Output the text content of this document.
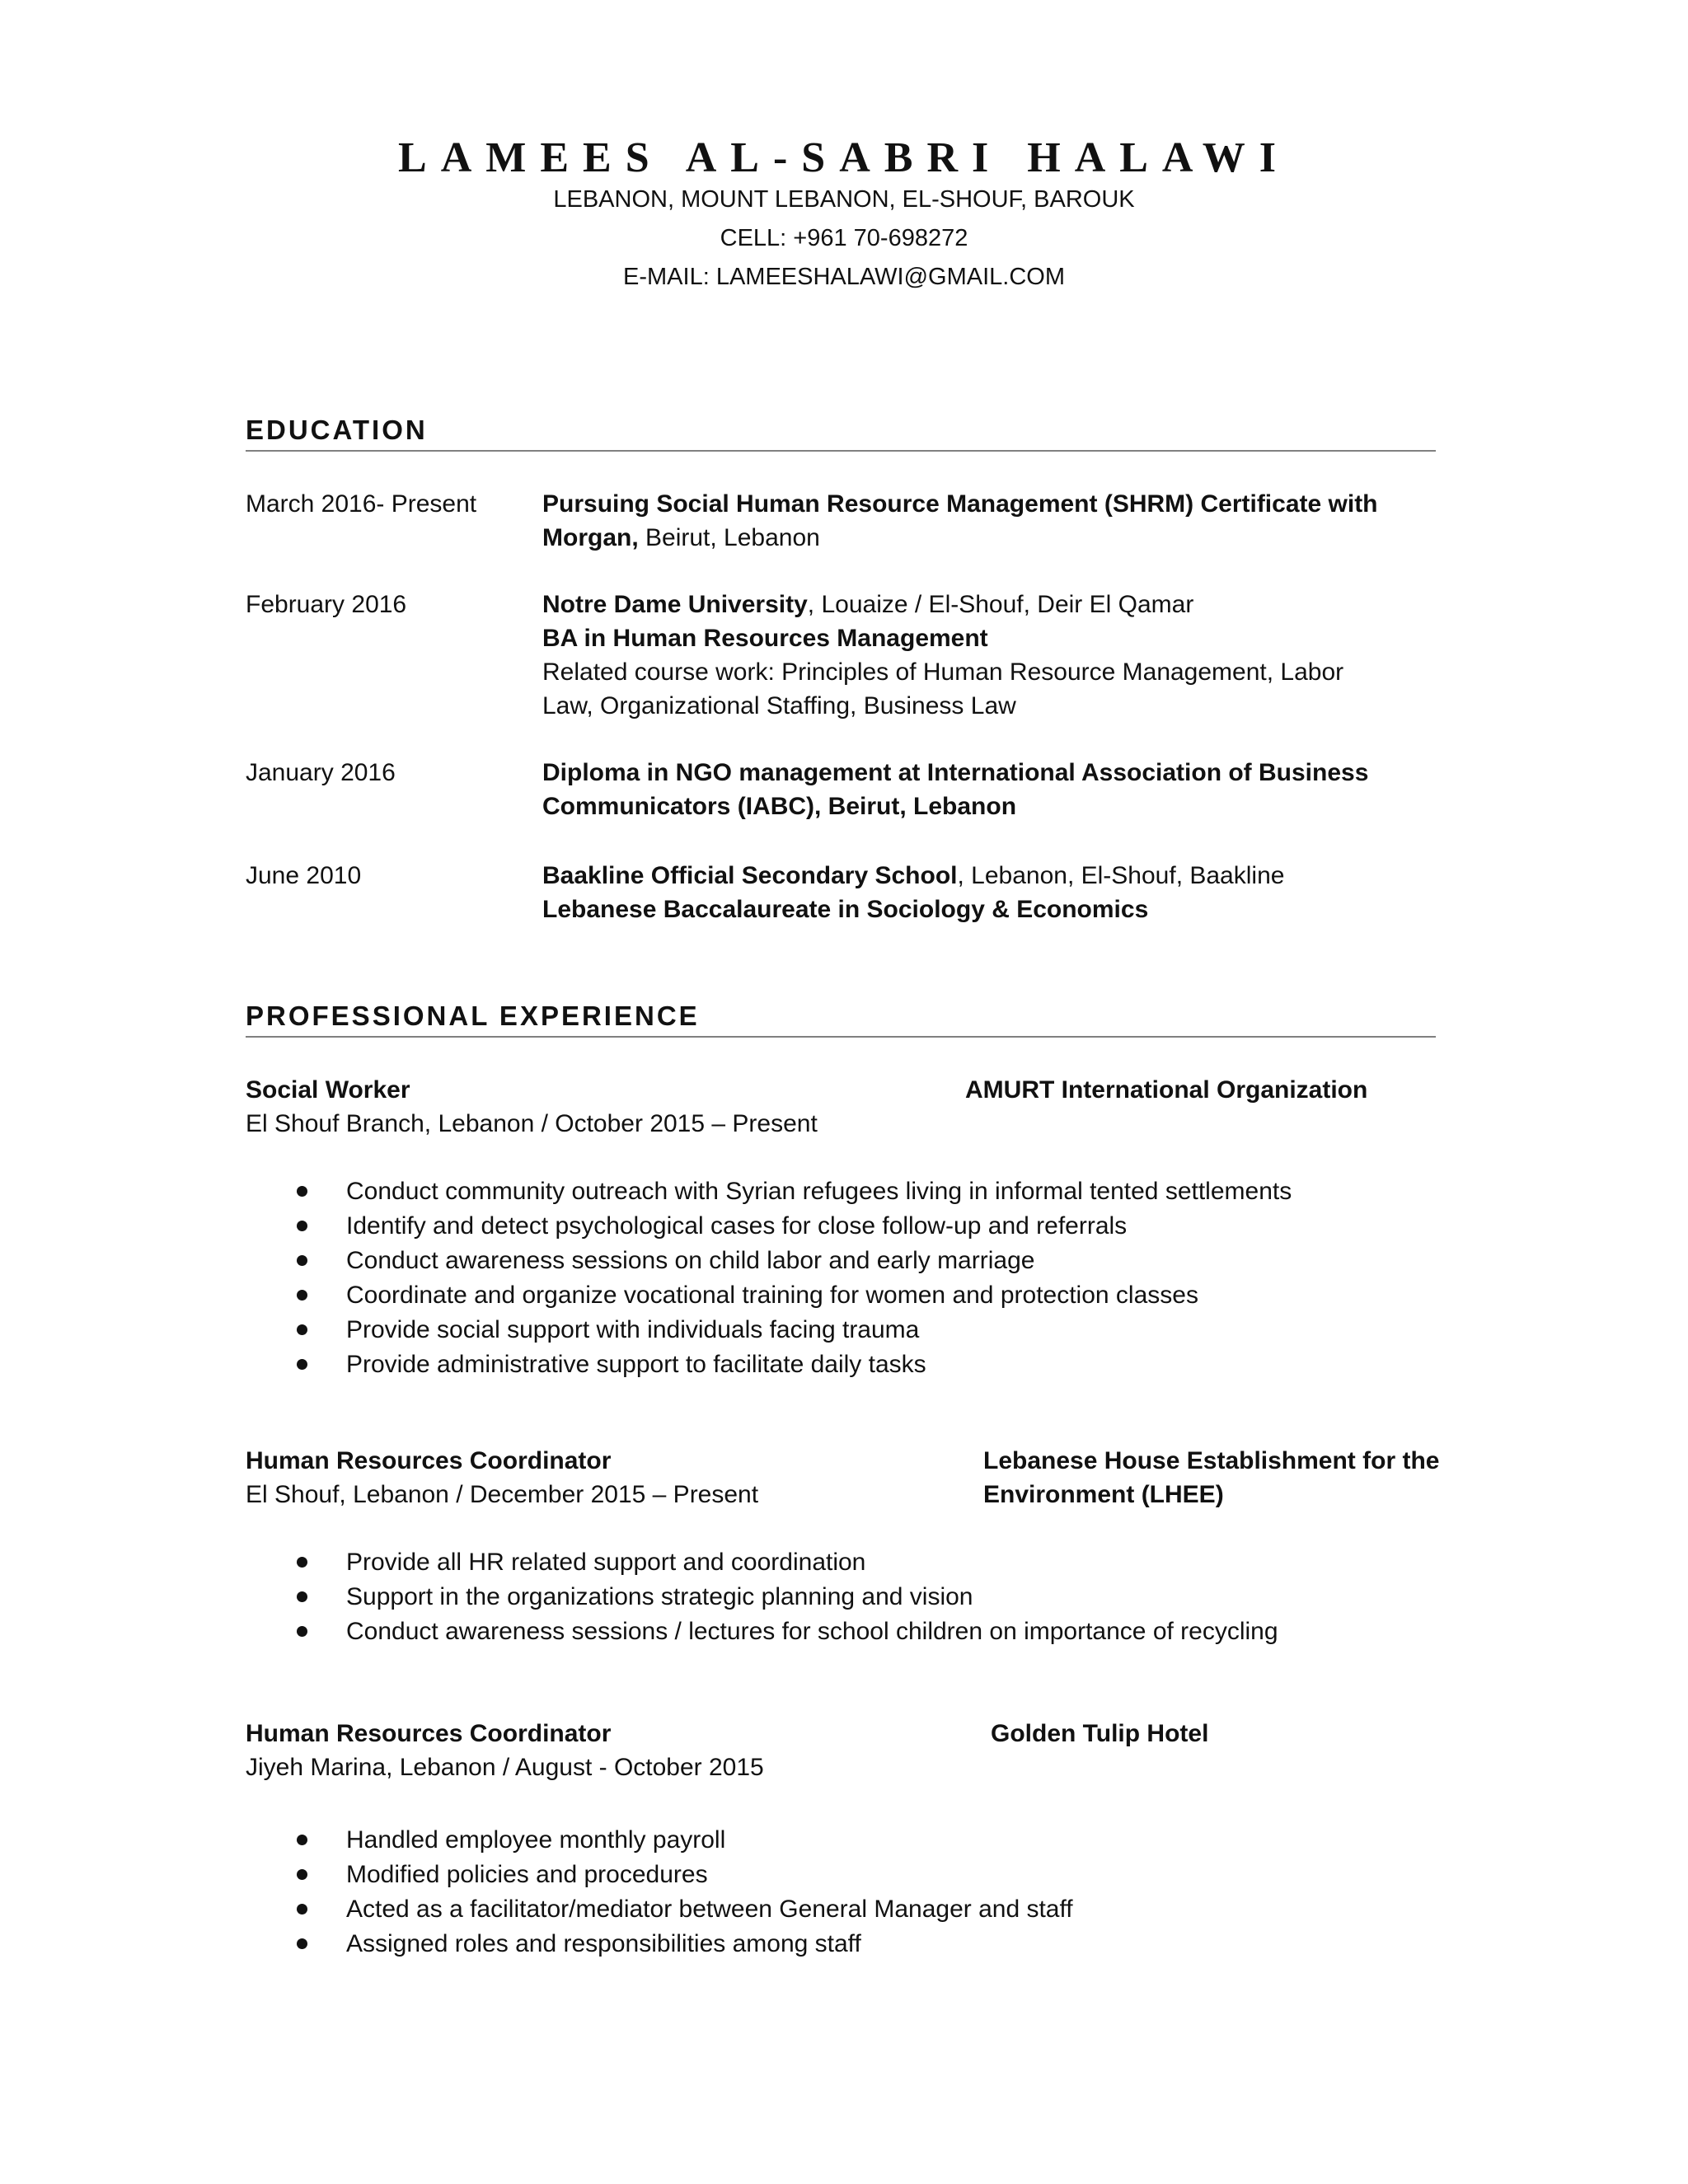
LAMEES AL-SABRI HALAWI
LEBANON, MOUNT LEBANON, EL-SHOUF, BAROUK
CELL: +961 70-698272
E-MAIL: LAMEESHALAWI@GMAIL.COM
EDUCATION
March 2016- Present	Pursuing Social Human Resource Management (SHRM) Certificate with
Morgan, Beirut, Lebanon
February 2016	Notre Dame University, Louaize / El-Shouf, Deir El Qamar
BA in Human Resources Management
Related course work: Principles of Human Resource Management, Labor
Law, Organizational Staffing, Business Law
January 2016	Diploma in NGO management at International Association of Business
Communicators (IABC), Beirut, Lebanon
June 2010	Baakline Official Secondary School, Lebanon, El-Shouf, Baakline
Lebanese Baccalaureate in Sociology & Economics
PROFESSIONAL EXPERIENCE
Social Worker	AMURT International Organization
El Shouf Branch, Lebanon / October 2015 – Present
Conduct community outreach with Syrian refugees living in informal tented settlements
Identify and detect psychological cases for close follow-up and referrals
Conduct awareness sessions on child labor and early marriage
Coordinate and organize vocational training for women and protection classes
Provide social support with individuals facing trauma
Provide administrative support to facilitate daily tasks
Human Resources Coordinator	Lebanese House Establishment for the Environment (LHEE)
El Shouf, Lebanon / December 2015 – Present
Provide all HR related support and coordination
Support in the organizations strategic planning and vision
Conduct awareness sessions / lectures for school children on importance of recycling
Human Resources Coordinator	Golden Tulip Hotel
Jiyeh Marina, Lebanon / August - October 2015
Handled employee monthly payroll
Modified policies and procedures
Acted as a facilitator/mediator between General Manager and staff
Assigned roles and responsibilities among staff
